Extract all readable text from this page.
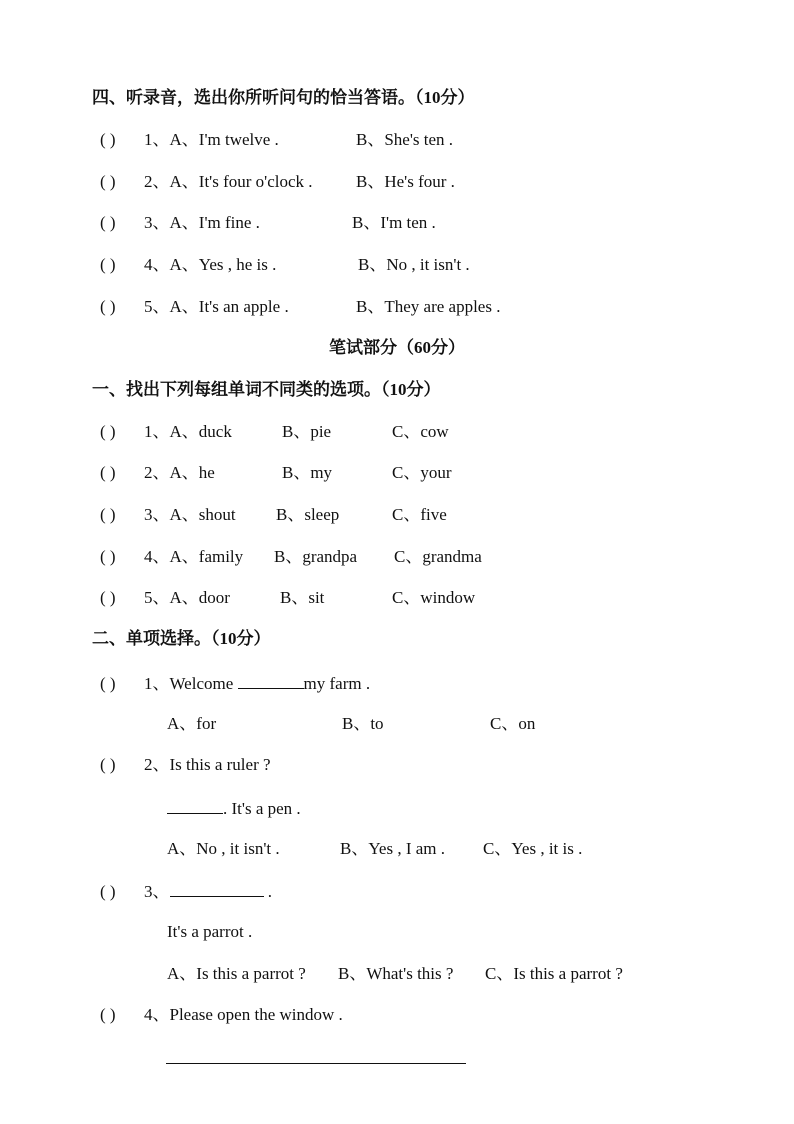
四、听录音，选出你所听问句的恰当答语。（10分）
( ) 1、A、I'm twelve .	B、She's ten .
( ) 2、A、It's four o'clock .	B、He's four .
( ) 3、A、I'm fine .	B、I'm ten .
( ) 4、A、Yes , he is .	B、No , it isn't .
( ) 5、A、It's an apple .	B、They are apples .
笔试部分（60分）
一、找出下列每组单词不同类的选项。（10分）
( ) 1、A、duck	B、pie	C、cow
( ) 2、A、he	B、my	C、your
( ) 3、A、shout B、sleep	C、five
( ) 4、A、family B、grandpa C、grandma
( ) 5、A、door	B、sit	C、window
二、单项选择。（10分）
( ) 1、Welcome	my farm .
A、for	B、to	C、on
( ) 2、Is this a ruler ?
. It's a pen .
A、No , it isn't .	B、Yes , I am . C、Yes , it is .
( ) 3、	.
It's a parrot .
A、Is this a parrot ? B、What's this ? C、Is this a parrot ?
( ) 4、Please open the window .
